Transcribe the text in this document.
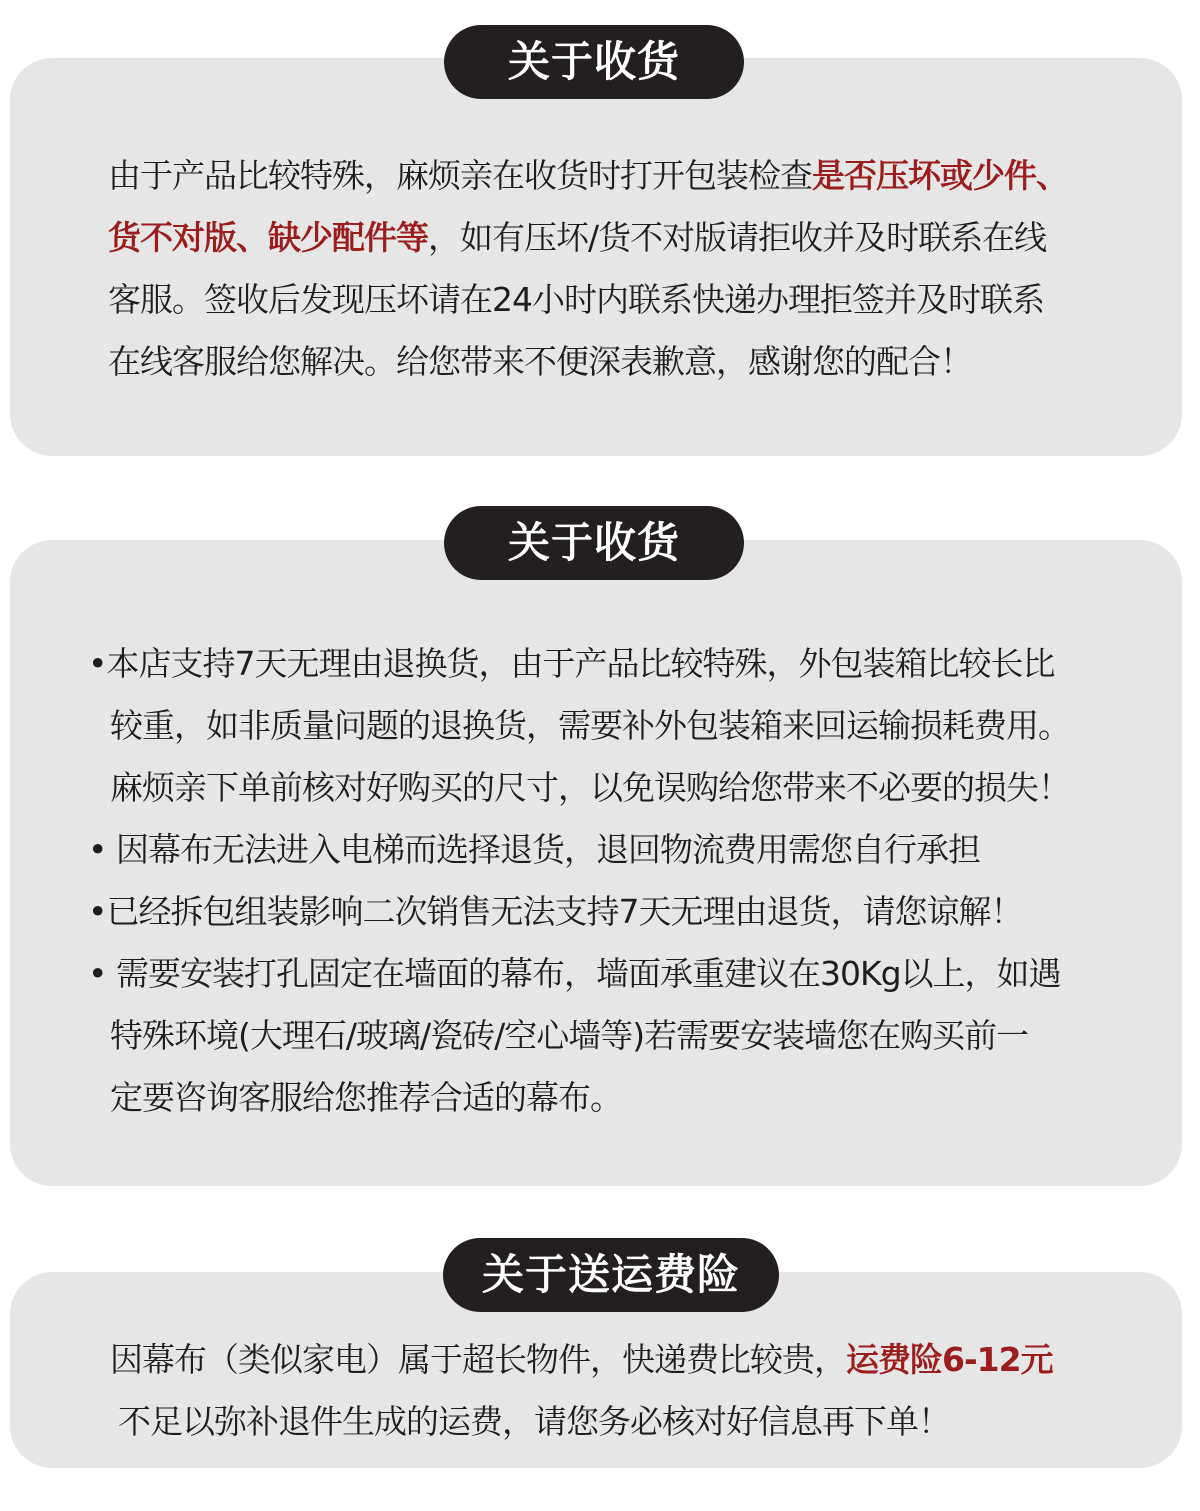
关于收货
由于产品比较特殊，麻烦亲在收货时打开包装检查是否压坏或少件、
货不对版、缺少配件等，如有压坏/货不对版请拒收并及时联系在线
客服。签收后发现压坏请在24小时内联系快递办理拒签并及时联系
在线客服给您解决。给您带来不便深表歉意，感谢您的配合！
关于收货
•本店支持7天无理由退换货，由于产品比较特殊，外包装箱比较长比
较重，如非质量问题的退换货，需要补外包装箱来回运输损耗费用。
麻烦亲下单前核对好购买的尺寸，以免误购给您带来不必要的损失！
• 因幕布无法进入电梯而选择退货，退回物流费用需您自行承担
•已经拆包组装影响二次销售无法支持7天无理由退货，请您谅解！
• 需要安装打孔固定在墙面的幕布，墙面承重建议在30Kg以上，如遇
特殊环境(大理石/玻璃/瓷砖/空心墙等)若需要安装墙您在购买前一
定要咨询客服给您推荐合适的幕布。
关于送运费险
因幕布（类似家电）属于超长物件，快递费比较贵，运费险6-12元
不足以弥补退件生成的运费，请您务必核对好信息再下单！
